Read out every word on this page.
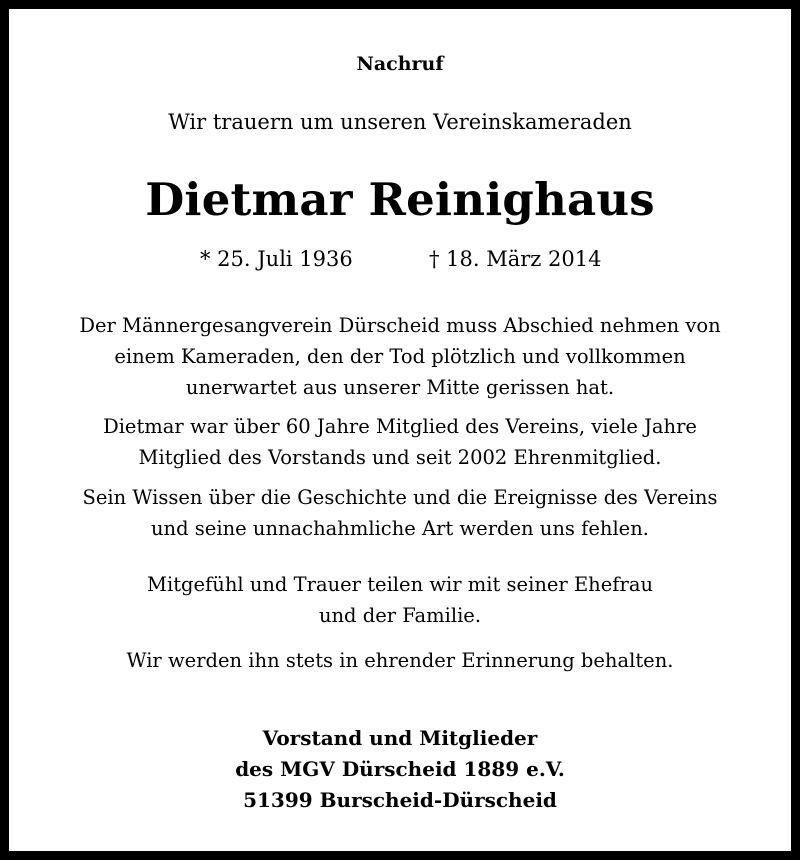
Nachruf
Wir trauern um unseren Vereinskameraden
Dietmar Reinighaus
* 25. Juli 1936	† 18. März 2014
Der Männergesangverein Dürscheid muss Abschied nehmen von
einem Kameraden, den der Tod plötzlich und vollkommen
unerwartet aus unserer Mitte gerissen hat.
Dietmar war über 60 Jahre Mitglied des Vereins, viele Jahre
Mitglied des Vorstands und seit 2002 Ehrenmitglied.
Sein Wissen über die Geschichte und die Ereignisse des Vereins
und seine unnachahmliche Art werden uns fehlen.
Mitgefühl und Trauer teilen wir mit seiner Ehefrau
und der Familie.
Wir werden ihn stets in ehrender Erinnerung behalten.
Vorstand und Mitglieder
des MGV Dürscheid 1889 e.V.
51399 Burscheid-Dürscheid
